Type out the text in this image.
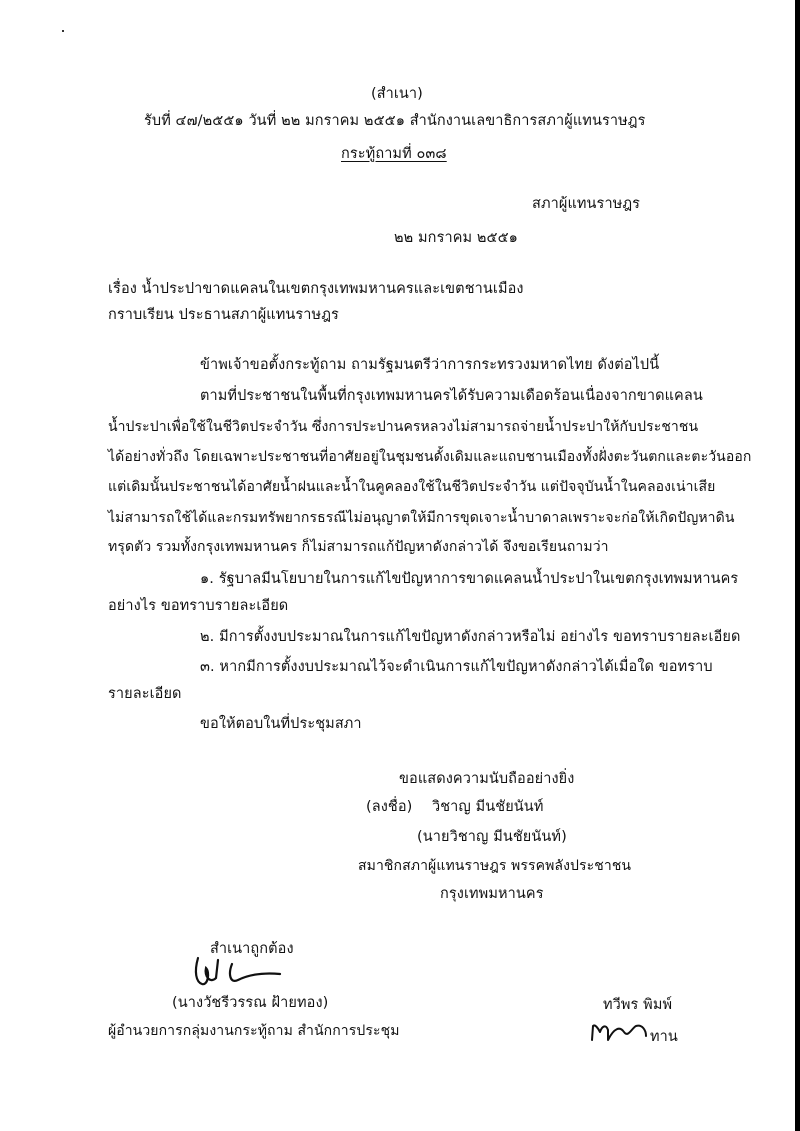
(สำเนา)
รับที่ ๔๗/๒๕๕๑ วันที่ ๒๒ มกราคม ๒๕๕๑ สำนักงานเลขาธิการสภาผู้แทนราษฎร
กระทู้ถามที่ ๐๓๘
สภาผู้แทนราษฎร
๒๒ มกราคม ๒๕๕๑
เรื่อง น้ำประปาขาดแคลนในเขตกรุงเทพมหานครและเขตชานเมือง
กราบเรียน ประธานสภาผู้แทนราษฎร
ข้าพเจ้าขอตั้งกระทู้ถาม ถามรัฐมนตรีว่าการกระทรวงมหาดไทย ดังต่อไปนี้
ตามที่ประชาชนในพื้นที่กรุงเทพมหานครได้รับความเดือดร้อนเนื่องจากขาดแคลน
น้ำประปาเพื่อใช้ในชีวิตประจำวัน ซึ่งการประปานครหลวงไม่สามารถจ่ายน้ำประปาให้กับประชาชน
ได้อย่างทั่วถึง โดยเฉพาะประชาชนที่อาศัยอยู่ในชุมชนดั้งเดิมและแถบชานเมืองทั้งฝั่งตะวันตกและตะวันออก
แต่เดิมนั้นประชาชนได้อาศัยน้ำฝนและน้ำในคูคลองใช้ในชีวิตประจำวัน แต่ปัจจุบันน้ำในคลองเน่าเสีย
ไม่สามารถใช้ได้และกรมทรัพยากรธรณีไม่อนุญาตให้มีการขุดเจาะน้ำบาดาลเพราะจะก่อให้เกิดปัญหาดิน
ทรุดตัว รวมทั้งกรุงเทพมหานคร ก็ไม่สามารถแก้ปัญหาดังกล่าวได้ จึงขอเรียนถามว่า
๑. รัฐบาลมีนโยบายในการแก้ไขปัญหาการขาดแคลนน้ำประปาในเขตกรุงเทพมหานคร
อย่างไร ขอทราบรายละเอียด
๒. มีการตั้งงบประมาณในการแก้ไขปัญหาดังกล่าวหรือไม่ อย่างไร ขอทราบรายละเอียด
๓. หากมีการตั้งงบประมาณไว้จะดำเนินการแก้ไขปัญหาดังกล่าวได้เมื่อใด ขอทราบ
รายละเอียด
ขอให้ตอบในที่ประชุมสภา
ขอแสดงความนับถืออย่างยิ่ง
(ลงชื่อ) วิชาญ มีนชัยนันท์
(นายวิชาญ มีนชัยนันท์)
สมาชิกสภาผู้แทนราษฎร พรรคพลังประชาชน
กรุงเทพมหานคร
สำเนาถูกต้อง
(นางวัชรีวรรณ ฝ้ายทอง)
ผู้อำนวยการกลุ่มงานกระทู้ถาม สำนักการประชุม
ทวีพร พิมพ์
ทาน
